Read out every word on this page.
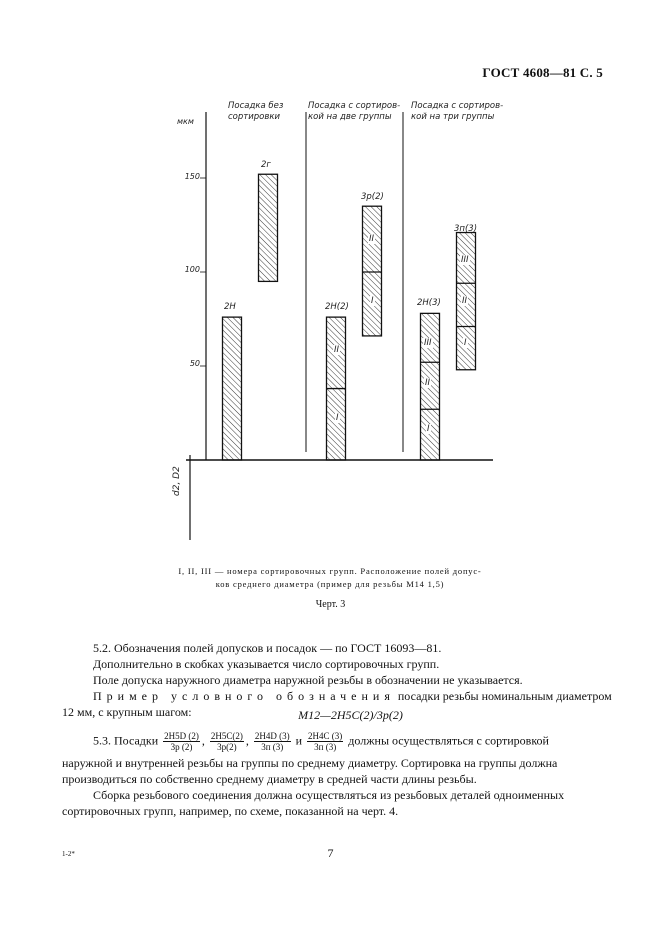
ГОСТ 4608—81 С. 5
мкм
150
100
50
d2, D2
Посадка без
сортировки
Посадка с сортиров-
кой на две группы
Посадка с сортиров-
кой на три группы
2H
2г
2H(2)
3р(2)
2H(3)
3п(3)
I
II
I
II
I
II
III	I
II
III
I, II, III — номера сортировочных групп. Расположение полей допус-
ков среднего диаметра (пример для резьбы М14 1,5)
Черт. 3
5.2. Обозначения полей допусков и посадок — по ГОСТ 16093—81.
Дополнительно в скобках указывается число сортировочных групп.
Поле допуска наружного диаметра наружной резьбы в обозначении не указывается.
Пример условного обозначения посадки резьбы номинальным диаметром
12 мм, с крупным шагом:	M12—2H5C(2)/3р(2)
5.3. Посадки $\frac{2H5D (2)}{3р (2)}$ , $\frac{2H5C(2)}{3р(2)}$ , $\frac{2H4D (3)}{3п (3)}$ и $\frac{2H4C (3)}{3п (3)}$ должны осуществляться с сортировкой
наружной и внутренней резьбы на группы по среднему диаметру. Сортировка на группы должна
производиться по собственно среднему диаметру в средней части длины резьбы.
Сборка резьбового соединения должна осуществляться из резьбовых деталей одноименных
сортировочных групп, например, по схеме, показанной на черт. 4.
1-2*	7
